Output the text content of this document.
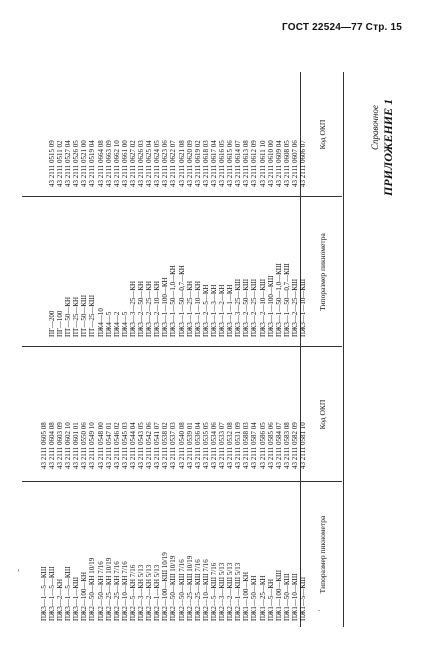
ГОСТ 22524—77 Стр. 15
ПРИЛОЖЕНИЕ 1
Справочное
Типоразмер пикнометра
Код ОКП
Типоразмер пикнометра
Код ОКП
ПЖ1—5—КШ
43 2111 0581 10
ПЖ1—10—КШ
43 2111 0582 09
ПЖ1—50—КШ
43 2111 0583 08
ПЖ1—100—КШ
43 2111 0584 07
ПЖ1—5—КН
43 2111 0585 06
ПЖ1—25—КН
43 2111 0586 05
ПЖ1—50—КН
43 2111 0587 04
ПЖ1—100—КН
43 2111 0588 03
ПЖ2—1—КШ 5/13
43 2111 0531 09
ПЖ2—2—КШ 5/13
43 2111 0532 08
ПЖ2—3—КШ 5/13
43 2111 0533 07
ПЖ2—5—КШ 7/16
43 2111 0534 06
ПЖ2—10—КШ 7/16
43 2111 0535 05
ПЖ2—25—КШ 7/16
43 2111 0536 04
ПЖ2—25—КШ 10/19
43 2111 0539 01
ПЖ2—50—КШ 7/16
43 2111 0540 08
ПЖ2—50—КШ 10/19
43 2111 0537 03
ПЖ2—100—КШ 10/19
43 2111 0538 02
ПЖ2—1—КН 5/13
43 2111 0541 07
ПЖ2—2—КН 5/13
43 2111 0542 06
ПЖ2—3—КН 5/13
43 2111 0543 05
ПЖ2—5—КН 7/16
43 2111 0544 04
ПЖ2—10—КН 7/16
43 2111 0545 03
ПЖ2—25—КН 7/16
43 2111 0546 02
ПЖ2—25—КН 10/19
43 2111 0547 01
ПЖ2—50—КН 7/16
43 2111 0548 00
ПЖ2—50—КН 10/19
43 2111 0549 10
ПЖ2—100—КН
43 2111 0550 06
ПЖ3—1—КШ
43 2111 0601 01
ПЖ3—1—5—КШ
43 2111 0602 10
ПЖ3—2—КН
43 2111 0603 09
ПЖ3—1—5—КШ
43 2111 0604 08
ПЖ3—1—5—КШ
43 2111 0605 08
ПЖ3—1—10—КШ
43 2111 0606 07
ПЖ3—2—25—КШ
43 2111 0607 06
ПЖ3—1—50—0,7—КШ
43 2111 0608 05
ПЖ3—1—50—1,0—КШ
43 2111 0609 04
ПЖ3—1—100—КШ
43 2111 0610 00
ПЖ3—2—10—КШ
43 2111 0611 10
ПЖ3—2—25—КШ
43 2111 0612 09
ПЖ3—2—50—КШ
43 2111 0613 08
ПЖ3—3—25—КШ
43 2111 0614 07
ПЖ3—1—1—КН
43 2111 0615 06
ПЖ3—1—2—КН
43 2111 0616 05
ПЖ3—1—3—КН
43 2111 0617 04
ПЖ3—2—5—КН
43 2111 0618 03
ПЖ3—1—10—КН
43 2111 0619 02
ПЖ3—1—25—КН
43 2111 0620 09
ПЖ3—1—50—0,7—КН
43 2111 0621 08
ПЖ3—1—50—1,0—КН
43 2111 0622 07
ПЖ3—1—100—КН
43 2111 0623 06
ПЖ3—2—10—КН
43 2111 0624 05
ПЖ3—2—25—КН
43 2111 0625 04
ПЖ3—2—50—КН
43 2111 0626 03
ПЖ3—3—25—КН
43 2111 0627 02
ПЖ4—5
43 2111 0661 00
ПЖ4—2
43 2111 0662 10
ПЖ4—5
43 2111 0663 09
ПЖ4—10
43 2111 0664 08
ПТ—25—КШ
43 2111 0519 04
ПТ—50—КШ
43 2111 0521 00
ПТ—25—КН
43 2111 0526 05
ПТ—50—КН
43 2111 0527 04
ПГ—100
43 2111 0511 02
ПГ—200
43 2111 0515 09
'
.
